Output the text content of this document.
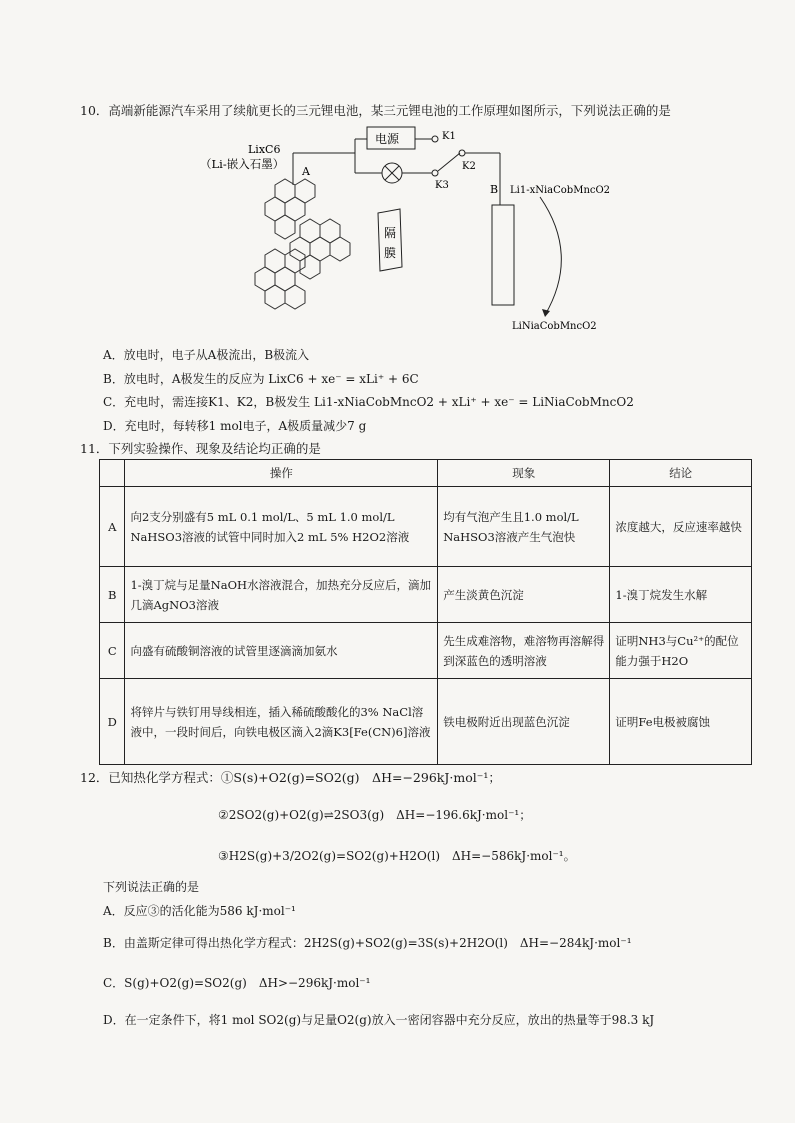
10．高端新能源汽车采用了续航更长的三元锂电池，某三元锂电池的工作原理如图所示，下列说法正确的是
LixC6
（Li-嵌入石墨）
A
电源	K1
K3
K2
B Li1-xNiaCobMncO2
LiNiaCobMncO2
隔
膜
A．放电时，电子从A极流出，B极流入
B．放电时，A极发生的反应为 LixC6 + xe⁻ = xLi⁺ + 6C
C．充电时，需连接K1、K2，B极发生 Li1-xNiaCobMncO2 + xLi⁺ + xe⁻ = LiNiaCobMncO2
D．充电时，每转移1 mol电子，A极质量减少7 g
11．下列实验操作、现象及结论均正确的是
	操作	现象	结论
A	向2支分别盛有5 mL 0.1 mol/L、5 mL 1.0 mol/L NaHSO3溶液的试管中同时加入2 mL 5% H2O2溶液	均有气泡产生且1.0 mol/L NaHSO3溶液产生气泡快	浓度越大，反应速率越快
B	1-溴丁烷与足量NaOH水溶液混合，加热充分反应后，滴加几滴AgNO3溶液	产生淡黄色沉淀	1-溴丁烷发生水解
C	向盛有硫酸铜溶液的试管里逐滴滴加氨水	先生成难溶物，难溶物再溶解得到深蓝色的透明溶液	证明NH3与Cu²⁺的配位能力强于H2O
D	将锌片与铁钉用导线相连，插入稀硫酸酸化的3% NaCl溶液中，一段时间后，向铁电极区滴入2滴K3[Fe(CN)6]溶液	铁电极附近出现蓝色沉淀	证明Fe电极被腐蚀
12．已知热化学方程式：①S(s)+O2(g)=SO2(g)　ΔH=−296kJ·mol⁻¹；
②2SO2(g)+O2(g)⇌2SO3(g)　ΔH=−196.6kJ·mol⁻¹；
③H2S(g)+3/2O2(g)=SO2(g)+H2O(l)　ΔH=−586kJ·mol⁻¹。
下列说法正确的是
A．反应③的活化能为586 kJ·mol⁻¹
B．由盖斯定律可得出热化学方程式：2H2S(g)+SO2(g)=3S(s)+2H2O(l)　ΔH=−284kJ·mol⁻¹
C．S(g)+O2(g)=SO2(g)　ΔH>−296kJ·mol⁻¹
D．在一定条件下，将1 mol SO2(g)与足量O2(g)放入一密闭容器中充分反应，放出的热量等于98.3 kJ
